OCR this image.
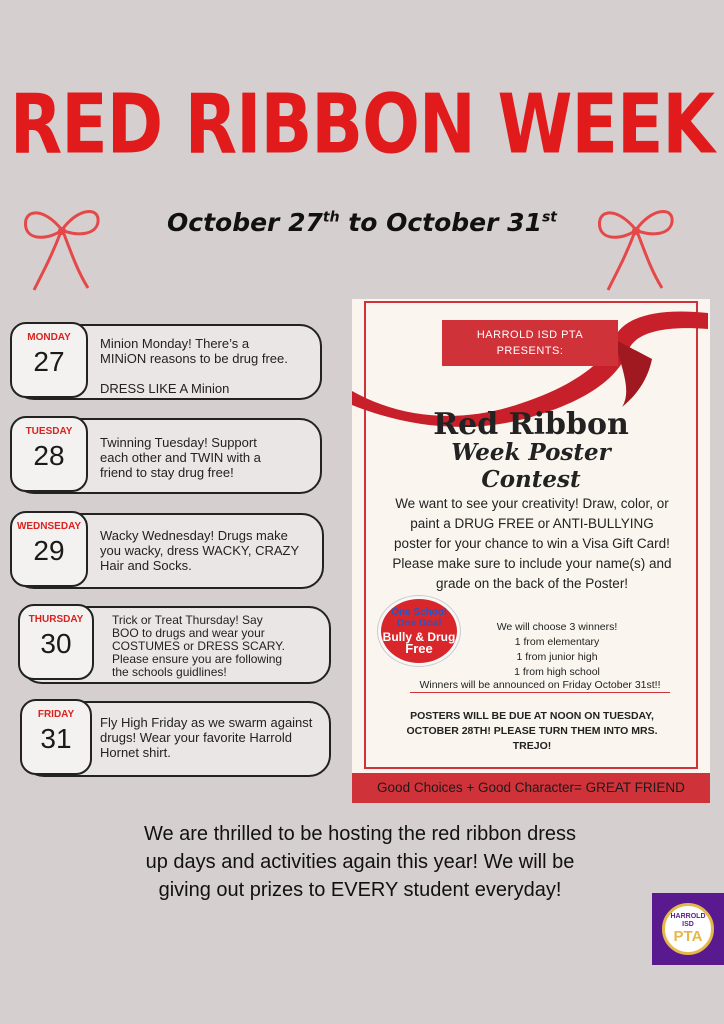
RED RIBBON WEEK
October 27th to October 31st
MONDAY
27
Minion Monday! There’s a
MINiON reasons to be drug free.
DRESS LIKE A Minion
TUESDAY
28	Twinning Tuesday! Support
each other and TWIN with a
friend to stay drug free!
WEDNSEDAY
29	Wacky Wednesday! Drugs make
you wacky, dress WACKY, CRAZY
Hair and Socks.
THURSDAY
30
Trick or Treat Thursday! Say
BOO to drugs and wear your
COSTUMES or DRESS SCARY.
Please ensure you are following
the schools guidlines!
FRIDAY
31
Fly High Friday as we swarm against
drugs! Wear your favorite Harrold
Hornet shirt.
HARROLD ISD PTA
PRESENTS:
Red Ribbon
Week Poster
Contest
We want to see your creativity! Draw, color, or paint a DRUG FREE or ANTI-BULLYING poster for your chance to win a Visa Gift Card! Please make sure to include your name(s) and grade on the back of the Poster!
One School
One Goal
Bully & Drug
Free
We will choose 3 winners!
1 from elementary
1 from junior high
1 from high school
Winners will be announced on Friday October 31st!!
POSTERS WILL BE DUE AT NOON ON TUESDAY, OCTOBER 28TH! PLEASE TURN THEM INTO MRS. TREJO!
Good Choices + Good Character= GREAT FRIEND
We are thrilled to be hosting the red ribbon dress
up days and activities again this year! We will be
giving out prizes to EVERY student everyday!
HARROLD
ISD
PTA
